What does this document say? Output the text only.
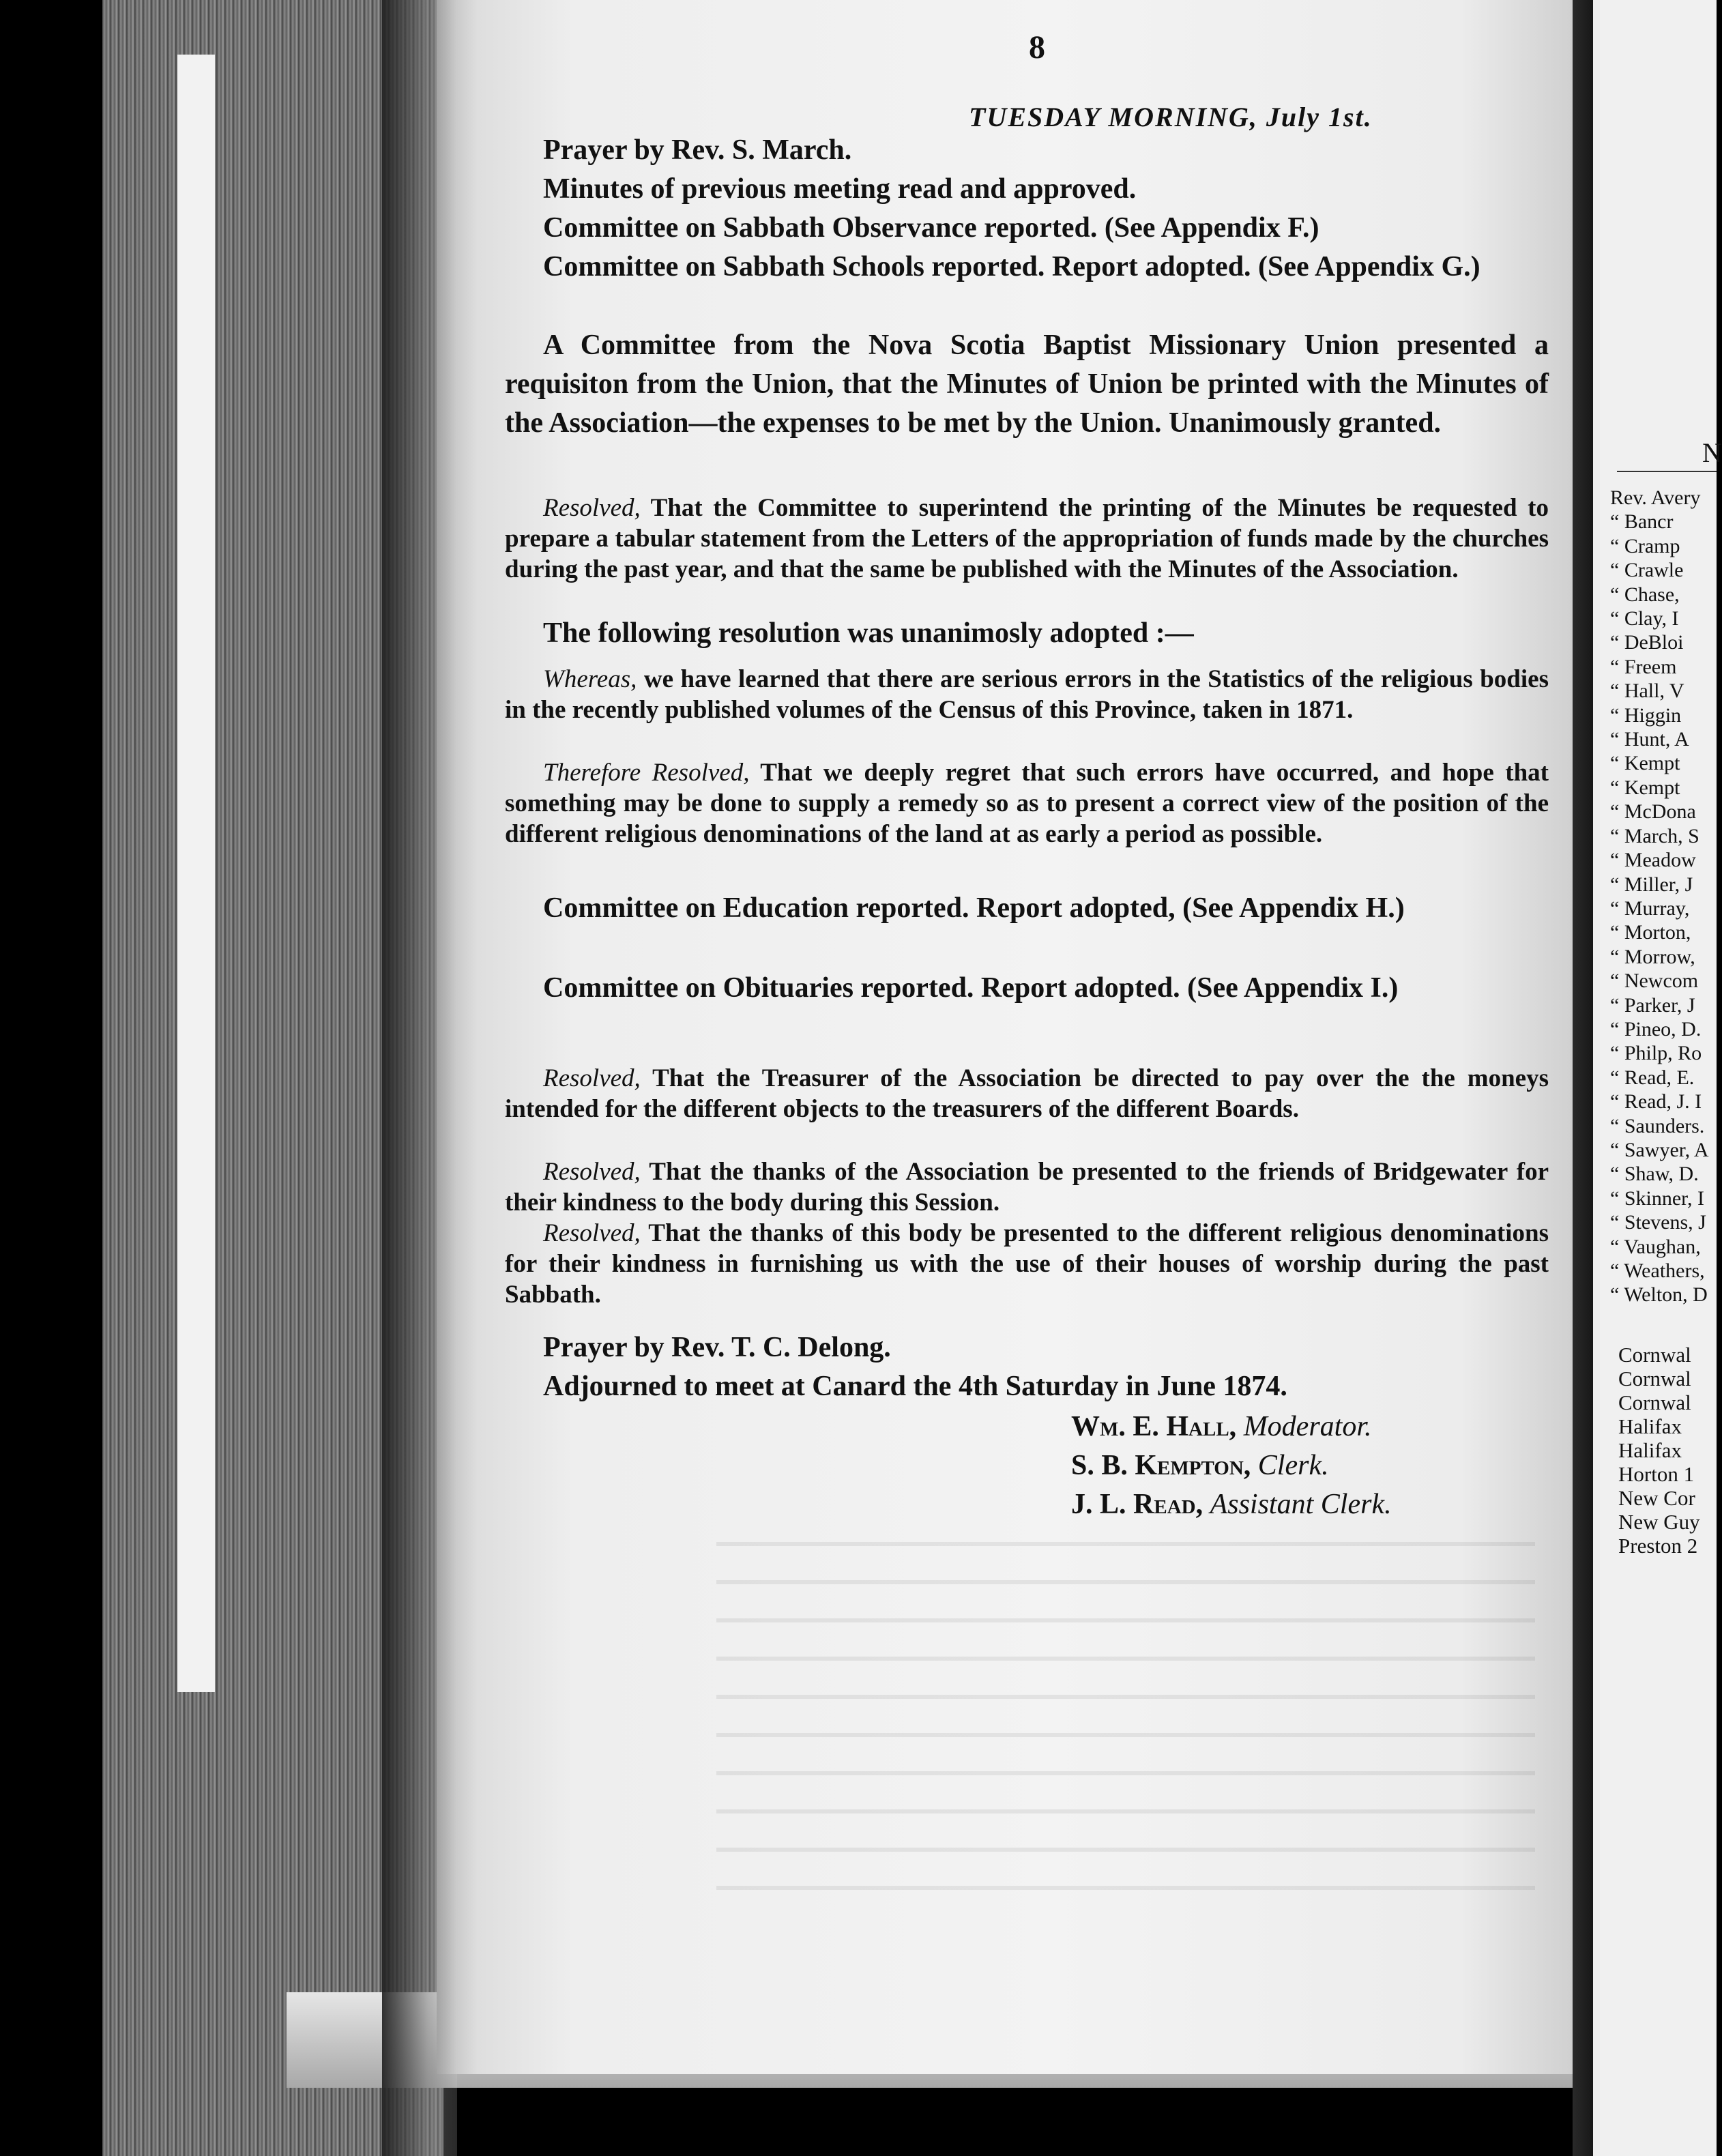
8
TUESDAY MORNING, July 1st.
Prayer by Rev. S. March.
Minutes of previous meeting read and approved.
Committee on Sabbath Observance reported. (See Appendix F.)
Committee on Sabbath Schools reported. Report adopted. (See Appendix G.)
A Committee from the Nova Scotia Baptist Missionary Union presented a requisiton from the Union, that the Minutes of Union be printed with the Minutes of the Association—the expenses to be met by the Union. Unanimously granted.
Resolved, That the Committee to superintend the printing of the Minutes be requested to prepare a tabular statement from the Letters of the appropriation of funds made by the churches during the past year, and that the same be published with the Minutes of the Association.
The following resolution was unanimosly adopted :—
Whereas, we have learned that there are serious errors in the Statistics of the religious bodies in the recently published volumes of the Census of this Province, taken in 1871.
Therefore Resolved, That we deeply regret that such errors have occurred, and hope that something may be done to supply a remedy so as to present a correct view of the position of the different religious denominations of the land at as early a period as possible.
Committee on Education reported. Report adopted, (See Appendix H.)
Committee on Obituaries reported. Report adopted. (See Appendix I.)
Resolved, That the Treasurer of the Association be directed to pay over the the moneys intended for the different objects to the treasurers of the different Boards.
Resolved, That the thanks of the Association be presented to the friends of Bridgewater for their kindness to the body during this Session.
Resolved, That the thanks of this body be presented to the different religious denominations for their kindness in furnishing us with the use of their houses of worship during the past Sabbath.
Prayer by Rev. T. C. Delong.
Adjourned to meet at Canard the 4th Saturday in June 1874.
Wm. E. Hall, Moderator.
S. B. Kempton, Clerk.
J. L. Read, Assistant Clerk.
N
Rev. Avery
“ Bancr
“ Cramp
“ Crawle
“ Chase,
“ Clay, I
“ DeBloi
“ Freem
“ Hall, V
“ Higgin
“ Hunt, A
“ Kempt
“ Kempt
“ McDona
“ March, S
“ Meadow
“ Miller, J
“ Murray,
“ Morton,
“ Morrow,
“ Newcom
“ Parker, J
“ Pineo, D.
“ Philp, Ro
“ Read, E.
“ Read, J. I
“ Saunders.
“ Sawyer, A
“ Shaw, D.
“ Skinner, I
“ Stevens, J
“ Vaughan,
“ Weathers,
“ Welton, D
Cornwal
Cornwal
Cornwal
Halifax
Halifax
Horton 1
New Cor
New Guy
Preston 2
